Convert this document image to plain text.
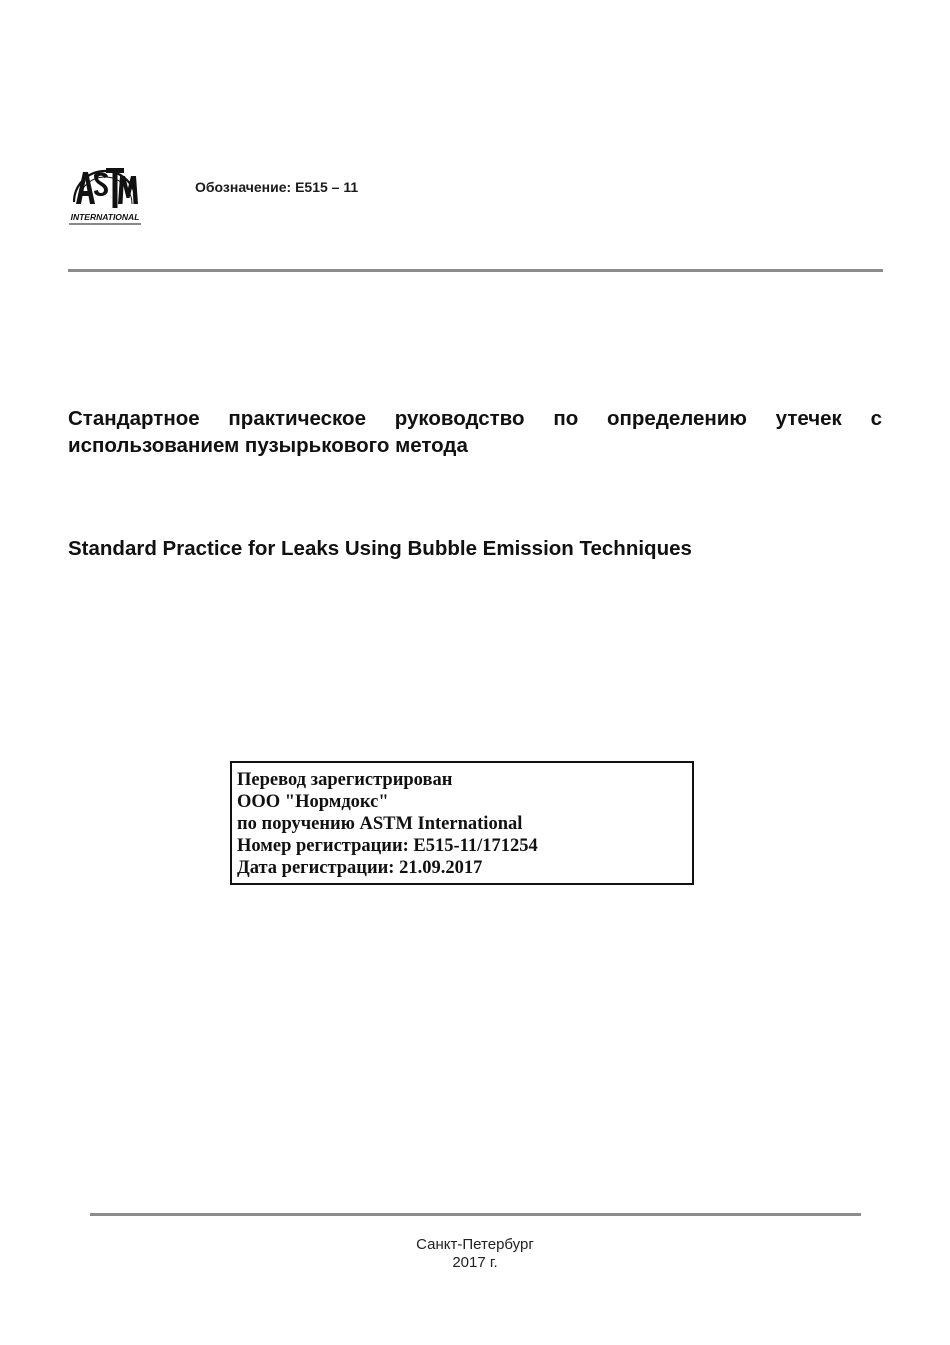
INTERNATIONAL
Обозначение: E515 – 11

Стандартное практическое руководство по определению утечек с использованием пузырькового метода

Standard Practice for Leaks Using Bubble Emission Techniques

Перевод зарегистрирован
ООО "Нормдокс"
по поручению ASTM International
Номер регистрации: E515-11/171254
Дата регистрации: 21.09.2017
Санкт-Петербург
2017 г.
